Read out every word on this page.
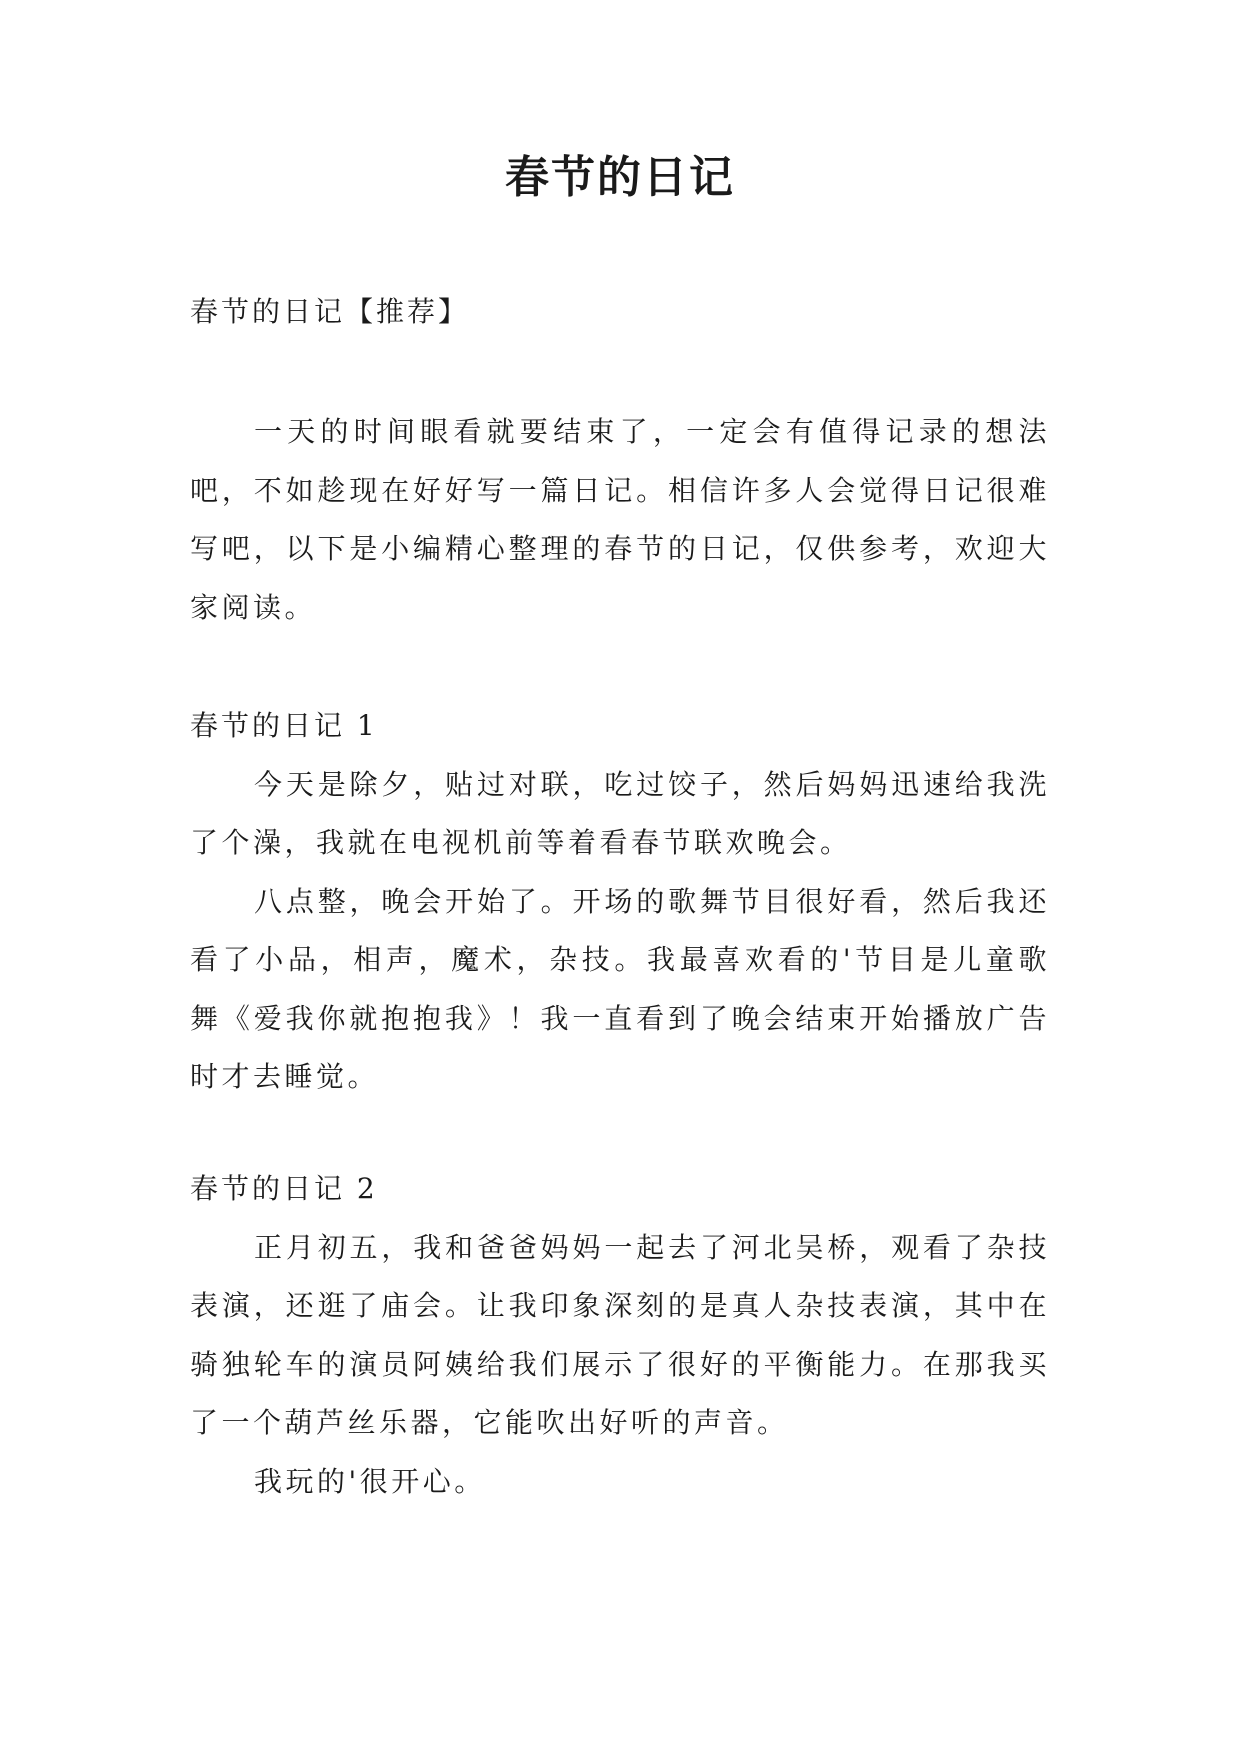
春节的日记

春节的日记【推荐】

一天的时间眼看就要结束了，一定会有值得记录的想法吧，不如趁现在好好写一篇日记。相信许多人会觉得日记很难写吧，以下是小编精心整理的春节的日记，仅供参考，欢迎大家阅读。

春节的日记 1

今天是除夕，贴过对联，吃过饺子，然后妈妈迅速给我洗了个澡，我就在电视机前等着看春节联欢晚会。

八点整，晚会开始了。开场的歌舞节目很好看，然后我还看了小品，相声，魔术，杂技。我最喜欢看的'节目是儿童歌舞《爱我你就抱抱我》！我一直看到了晚会结束开始播放广告时才去睡觉。

春节的日记 2

正月初五，我和爸爸妈妈一起去了河北吴桥，观看了杂技表演，还逛了庙会。让我印象深刻的是真人杂技表演，其中在骑独轮车的演员阿姨给我们展示了很好的平衡能力。在那我买了一个葫芦丝乐器，它能吹出好听的声音。

我玩的'很开心。
